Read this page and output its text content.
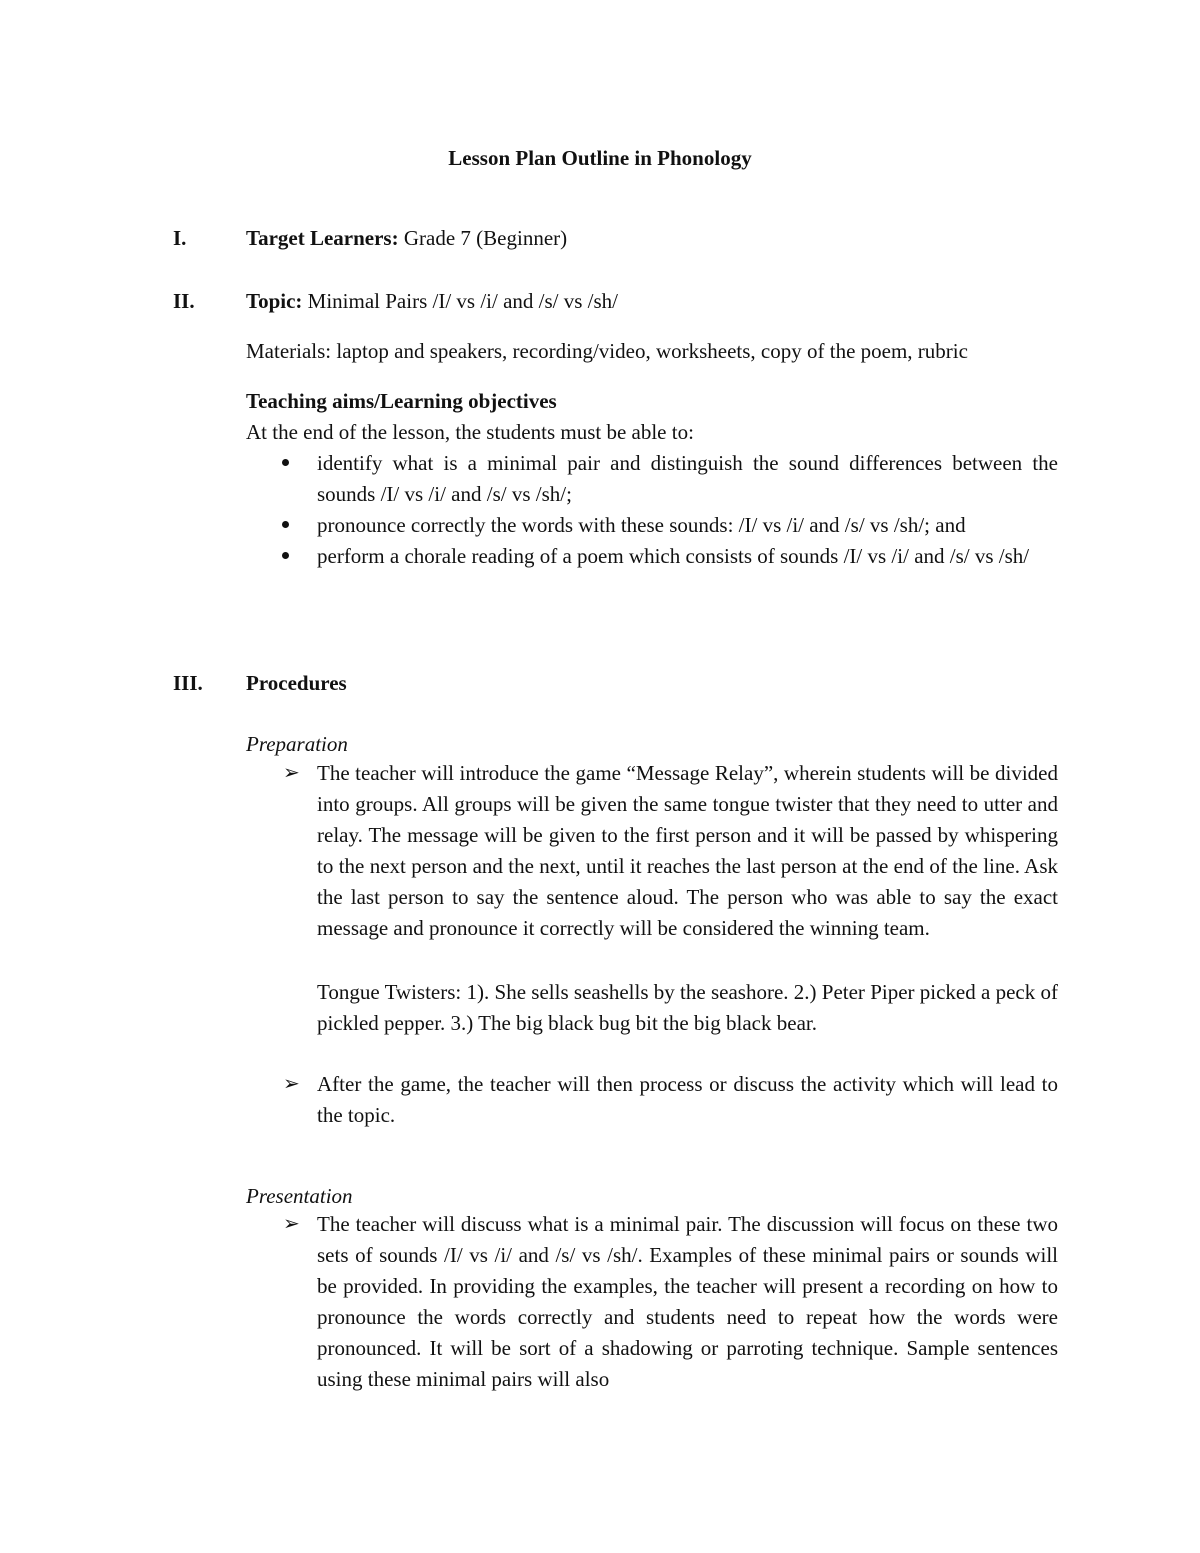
Lesson Plan Outline in Phonology
I.	Target Learners: Grade 7 (Beginner)
II. Topic: Minimal Pairs /I/ vs /i/ and /s/ vs /sh/
Materials: laptop and speakers, recording/video, worksheets, copy of the poem, rubric
Teaching aims/Learning objectives
At the end of the lesson, the students must be able to:
identify what is a minimal pair and distinguish the sound differences between the sounds /I/ vs /i/ and /s/ vs /sh/;
pronounce correctly the words with these sounds: /I/ vs /i/ and /s/ vs /sh/; and
perform a chorale reading of a poem which consists of sounds /I/ vs /i/ and /s/ vs /sh/
III. Procedures
Preparation
➢ The teacher will introduce the game “Message Relay”, wherein students will be divided into groups. All groups will be given the same tongue twister that they need to utter and relay. The message will be given to the first person and it will be passed by whispering to the next person and the next, until it reaches the last person at the end of the line. Ask the last person to say the sentence aloud. The person who was able to say the exact message and pronounce it correctly will be considered the winning team.
Tongue Twisters: 1). She sells seashells by the seashore. 2.) Peter Piper picked a peck of pickled pepper. 3.) The big black bug bit the big black bear.
➢ After the game, the teacher will then process or discuss the activity which will lead to the topic.
Presentation
➢ The teacher will discuss what is a minimal pair. The discussion will focus on these two sets of sounds /I/ vs /i/ and /s/ vs /sh/. Examples of these minimal pairs or sounds will be provided. In providing the examples, the teacher will present a recording on how to pronounce the words correctly and students need to repeat how the words were pronounced. It will be sort of a shadowing or parroting technique. Sample sentences using these minimal pairs will also
